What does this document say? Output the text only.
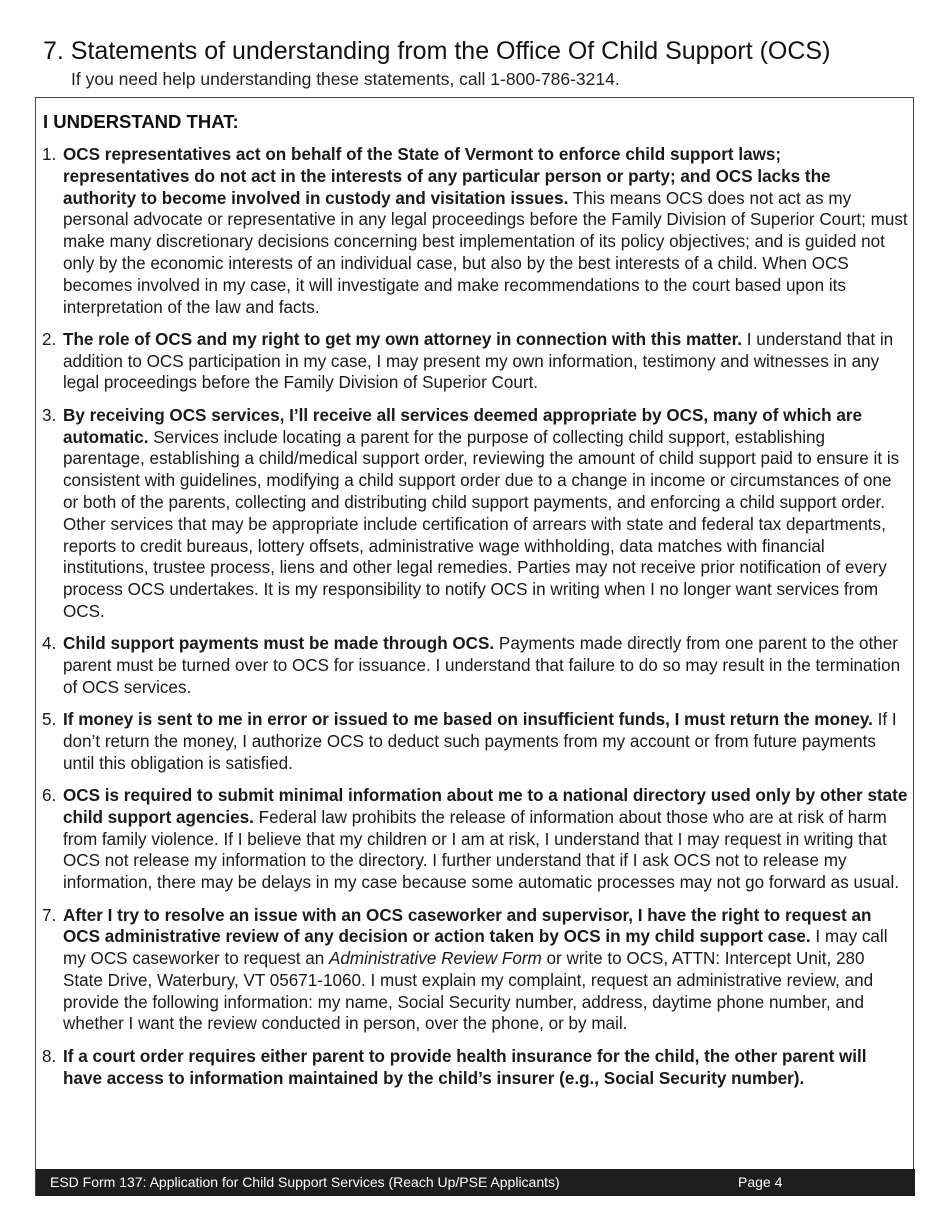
7. Statements of understanding from the Office Of Child Support (OCS)
If you need help understanding these statements, call 1-800-786-3214.
I UNDERSTAND THAT:
1. OCS representatives act on behalf of the State of Vermont to enforce child support laws; representatives do not act in the interests of any particular person or party; and OCS lacks the authority to become involved in custody and visitation issues. This means OCS does not act as my personal advocate or representative in any legal proceedings before the Family Division of Superior Court; must make many discretionary decisions concerning best implementation of its policy objectives; and is guided not only by the economic interests of an individual case, but also by the best interests of a child. When OCS becomes involved in my case, it will investigate and make recommendations to the court based upon its interpretation of the law and facts.
2. The role of OCS and my right to get my own attorney in connection with this matter. I understand that in addition to OCS participation in my case, I may present my own information, testimony and witnesses in any legal proceedings before the Family Division of Superior Court.
3. By receiving OCS services, I’ll receive all services deemed appropriate by OCS, many of which are automatic. Services include locating a parent for the purpose of collecting child support, establishing parentage, establishing a child/medical support order, reviewing the amount of child support paid to ensure it is consistent with guidelines, modifying a child support order due to a change in income or circumstances of one or both of the parents, collecting and distributing child support payments, and enforcing a child support order. Other services that may be appropriate include certification of arrears with state and federal tax departments, reports to credit bureaus, lottery offsets, administrative wage withholding, data matches with financial institutions, trustee process, liens and other legal remedies. Parties may not receive prior notification of every process OCS undertakes. It is my responsibility to notify OCS in writing when I no longer want services from OCS.
4. Child support payments must be made through OCS. Payments made directly from one parent to the other parent must be turned over to OCS for issuance. I understand that failure to do so may result in the termination of OCS services.
5. If money is sent to me in error or issued to me based on insufficient funds, I must return the money. If I don’t return the money, I authorize OCS to deduct such payments from my account or from future payments until this obligation is satisfied.
6. OCS is required to submit minimal information about me to a national directory used only by other state child support agencies. Federal law prohibits the release of information about those who are at risk of harm from family violence. If I believe that my children or I am at risk, I understand that I may request in writing that OCS not release my information to the directory. I further understand that if I ask OCS not to release my information, there may be delays in my case because some automatic processes may not go forward as usual.
7. After I try to resolve an issue with an OCS caseworker and supervisor, I have the right to request an OCS administrative review of any decision or action taken by OCS in my child support case. I may call my OCS caseworker to request an Administrative Review Form or write to OCS, ATTN: Intercept Unit, 280 State Drive, Waterbury, VT 05671-1060. I must explain my complaint, request an administrative review, and provide the following information: my name, Social Security number, address, daytime phone number, and whether I want the review conducted in person, over the phone, or by mail.
8. If a court order requires either parent to provide health insurance for the child, the other parent will have access to information maintained by the child’s insurer (e.g., Social Security number).
ESD Form 137: Application for Child Support Services (Reach Up/PSE Applicants)	Page 4
